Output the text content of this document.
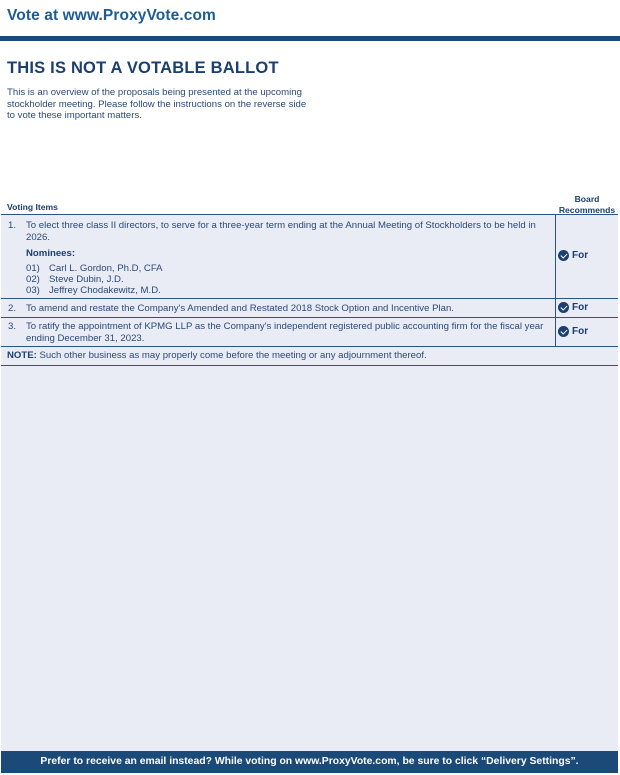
Vote at www.ProxyVote.com
THIS IS NOT A VOTABLE BALLOT
This is an overview of the proposals being presented at the upcoming stockholder meeting. Please follow the instructions on the reverse side to vote these important matters.
Voting Items
Board
Recommends
1. To elect three class II directors, to serve for a three-year term ending at the Annual Meeting of Stockholders to be held in 2026.
Nominees:
01) Carl L. Gordon, Ph.D, CFA
02) Steve Dubin, J.D.
03) Jeffrey Chodakewitz, M.D.
For
2. To amend and restate the Company's Amended and Restated 2018 Stock Option and Incentive Plan.	For
3. To ratify the appointment of KPMG LLP as the Company's independent registered public accounting firm for the fiscal year ending December 31, 2023.
For
NOTE: Such other business as may properly come before the meeting or any adjournment thereof.
Prefer to receive an email instead? While voting on www.ProxyVote.com, be sure to click “Delivery Settings”.
